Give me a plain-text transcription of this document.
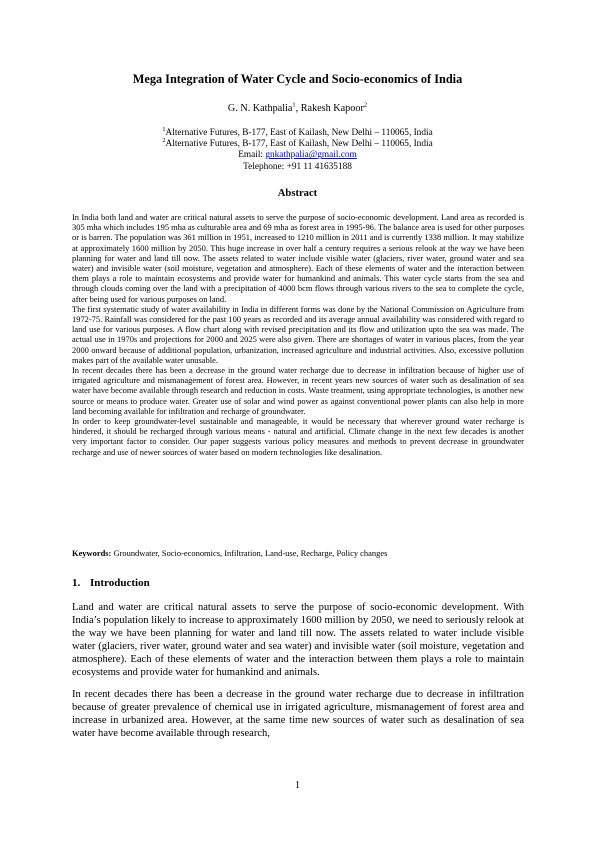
Mega Integration of Water Cycle and Socio-economics of India
G. N. Kathpalia$^1$, Rakesh Kapoor$^2$
$^1$Alternative Futures, B-177, East of Kailash, New Delhi – 110065, India
$^2$Alternative Futures, B-177, East of Kailash, New Delhi – 110065, India
Email: gnkathpalia@gmail.com
Telephone: +91 11 41635188
Abstract

In India both land and water are critical natural assets to serve the purpose of socio-economic development. Land area as recorded is 305 mha which includes 195 mha as culturable area and 69 mha as forest area in 1995-96. The balance area is used for other purposes or is barren. The population was 361 million in 1951, increased to 1210 million in 2011 and is currently 1338 million. It may stabilize at approximately 1600 million by 2050. This huge increase in over half a century requires a serious relook at the way we have been planning for water and land till now. The assets related to water include visible water (glaciers, river water, ground water and sea water) and invisible water (soil moisture, vegetation and atmosphere). Each of these elements of water and the interaction between them plays a role to maintain ecosystems and provide water for humankind and animals. This water cycle starts from the sea and through clouds coming over the land with a precipitation of 4000 bcm flows through various rivers to the sea to complete the cycle, after being used for various purposes on land.

The first systematic study of water availability in India in different forms was done by the National Commission on Agriculture from 1972-75. Rainfall was considered for the past 100 years as recorded and its average annual availability was considered with regard to land use for various purposes. A flow chart along with revised precipitation and its flow and utilization upto the sea was made. The actual use in 1970s and projections for 2000 and 2025 were also given. There are shortages of water in various places, from the year 2000 onward because of additional population, urbanization, increased agriculture and industrial activities. Also, excessive pollution makes part of the available water unusable.

In recent decades there has been a decrease in the ground water recharge due to decrease in infiltration because of higher use of irrigated agriculture and mismanagement of forest area. However, in recent years new sources of water such as desalination of sea water have become available through research and reduction in costs. Waste treatment, using appropriate technologies, is another new source or means to produce water. Greater use of solar and wind power as against conventional power plants can also help in more land becoming available for infiltration and recharge of groundwater.

In order to keep groundwater-level sustainable and manageable, it would be necessary that wherever ground water recharge is hindered, it should be recharged through various means - natural and artificial. Climate change in the next few decades is another very important factor to consider. Our paper suggests various policy measures and methods to prevent decrease in groundwater recharge and use of newer sources of water based on modern technologies like desalination.

Keywords: Groundwater, Socio-economics, Infiltration, Land-use, Recharge, Policy changes
1. Introduction

Land and water are critical natural assets to serve the purpose of socio-economic development. With India’s population likely to increase to approximately 1600 million by 2050, we need to seriously relook at the way we have been planning for water and land till now. The assets related to water include visible water (glaciers, river water, ground water and sea water) and invisible water (soil moisture, vegetation and atmosphere). Each of these elements of water and the interaction between them plays a role to maintain ecosystems and provide water for humankind and animals.

In recent decades there has been a decrease in the ground water recharge due to decrease in infiltration because of greater prevalence of chemical use in irrigated agriculture, mismanagement of forest area and increase in urbanized area. However, at the same time new sources of water such as desalination of sea water have become available through research,

1
